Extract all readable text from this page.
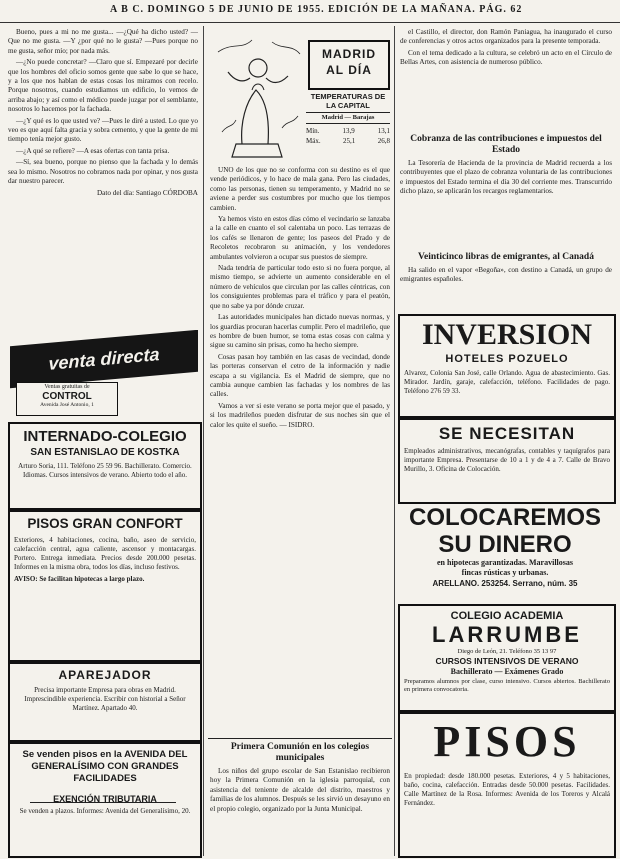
A B C. DOMINGO 5 DE JUNIO DE 1955. EDICIÓN DE LA MAÑANA. PÁG. 62

Bueno, pues a mi no me gusta... —¿Qué ha dicho usted? —Que no me gusta. —Y ¿por qué no le gusta? —Pues porque no me gusta, señor mío; por nada más.

—¿No puede concretar? —Claro que sí. Empezaré por decirle que los hombres del oficio somos gente que sabe lo que se hace, y a los que nos hablan de estas cosas los miramos con recelo. Porque nosotros, cuando estudiamos un edificio, lo vemos de arriba abajo; y así como el médico puede juzgar por el semblante, nosotros lo hacemos por la fachada.

—¿Y qué es lo que usted ve? —Pues le diré a usted. Lo que yo veo es que aquí falta gracia y sobra cemento, y que la gente de mi tiempo tenía mejor gusto.

—¿A qué se refiere? —A esas ofertas con tanta prisa.

—Sí, sea bueno, porque no pienso que la fachada y lo demás sea lo mismo. Nosotros no cobramos nada por opinar, y nos gusta dar nuestro parecer.

Dato del día: Santiago CÓRDOBA

venta directa
Ventas gratuitas de
CONTROL
Avenida José Antonio, 1
INTERNADO-COLEGIO
SAN ESTANISLAO DE KOSTKA
Arturo Soria, 111. Teléfono 25 59 96. Bachillerato. Comercio. Idiomas. Cursos intensivos de verano. Abierto todo el año.
PISOS GRAN CONFORT
Exteriores, 4 habitaciones, cocina, baño, aseo de servicio, calefacción central, agua caliente, ascensor y montacargas. Portero. Entrega inmediata. Precios desde 200.000 pesetas. Informes en la misma obra, todos los días, incluso festivos.
AVISO: Se facilitan hipotecas a largo plazo.
APAREJADOR
Precisa importante Empresa para obras en Madrid. Imprescindible experiencia. Escribir con historial a Señor Martínez. Apartado 40.
Se venden pisos en la AVENIDA DEL GENERALÍSIMO CON GRANDES FACILIDADES
EXENCIÓN TRIBUTARIA
Se venden a plazos. Informes: Avenida del Generalísimo, 20.
MADRID
AL DÍA
TEMPERATURAS DE LA CAPITAL
Madrid — Barajas
Mín.	13,9	13,1
Máx.	25,1	26,8

UNO de los que no se conforma con su destino es el que vende periódicos, y lo hace de mala gana. Pero las ciudades, como las personas, tienen su temperamento, y Madrid no se aviene a perder sus costumbres por mucho que los tiempos cambien.

Ya hemos visto en estos días cómo el vecindario se lanzaba a la calle en cuanto el sol calentaba un poco. Las terrazas de los cafés se llenaron de gente; los paseos del Prado y de Recoletos recobraron su animación, y los vendedores ambulantes volvieron a ocupar sus puestos de siempre.

Nada tendría de particular todo esto si no fuera porque, al mismo tiempo, se advierte un aumento considerable en el número de vehículos que circulan por las calles céntricas, con los consiguientes problemas para el tráfico y para el peatón, que no sabe ya por dónde cruzar.

Las autoridades municipales han dictado nuevas normas, y los guardias procuran hacerlas cumplir. Pero el madrileño, que es hombre de buen humor, se toma estas cosas con calma y sigue su camino sin prisas, como ha hecho siempre.

Cosas pasan hoy también en las casas de vecindad, donde las porteras conservan el cetro de la información y nadie escapa a su vigilancia. Es el Madrid de siempre, que no cambia aunque cambien las fachadas y los nombres de las calles.

Vamos a ver si este verano se porta mejor que el pasado, y si los madrileños pueden disfrutar de sus noches sin que el calor les quite el sueño. — ISIDRO.

Primera Comunión en los colegios municipales

Los niños del grupo escolar de San Estanislao recibieron hoy la Primera Comunión en la iglesia parroquial, con asistencia del teniente de alcalde del distrito, maestros y familias de los alumnos. Después se les sirvió un desayuno en el propio colegio, organizado por la Junta Municipal.

el Castillo, el director, don Ramón Paniagua, ha inaugurado el curso de conferencias y otros actos organizados para la presente temporada.

Con el tema dedicado a la cultura, se celebró un acto en el Círculo de Bellas Artes, con asistencia de numeroso público.

Cobranza de las contribuciones e impuestos del Estado

La Tesorería de Hacienda de la provincia de Madrid recuerda a los contribuyentes que el plazo de cobranza voluntaria de las contribuciones e impuestos del Estado termina el día 30 del corriente mes. Transcurrido dicho plazo, se aplicarán los recargos reglamentarios.

Veinticinco libras de emigrantes, al Canadá

Ha salido en el vapor «Begoña», con destino a Canadá, un grupo de emigrantes españoles.

INVERSION
HOTELES POZUELO
Alvarez, Colonia San José, calle Orlando. Agua de abastecimiento. Gas. Mirador. Jardín, garaje, calefacción, teléfono. Facilidades de pago. Teléfono 276 59 33.
SE NECESITAN
Empleados administrativos, mecanógrafas, contables y taquígrafos para importante Empresa. Presentarse de 10 a 1 y de 4 a 7. Calle de Bravo Murillo, 3. Oficina de Colocación.
COLOCAREMOS
SU DINERO
en hipotecas garantizadas. Maravillosas
fincas rústicas y urbanas.
ARELLANO. 253254. Serrano, núm. 35
COLEGIO ACADEMIA
LARRUMBE
Diego de León, 21. Teléfono 35 13 97
CURSOS INTENSIVOS DE VERANO
Bachillerato — Exámenes Grado
Preparamos alumnos por clase, curso intensivo. Cursos abiertos. Bachillerato en primera convocatoria.
PISOS
En propiedad: desde 180.000 pesetas. Exteriores, 4 y 5 habitaciones, baño, cocina, calefacción. Entradas desde 50.000 pesetas. Facilidades. Calle Martínez de la Rosa. Informes: Avenida de los Toreros y Alcalá Fernández.
